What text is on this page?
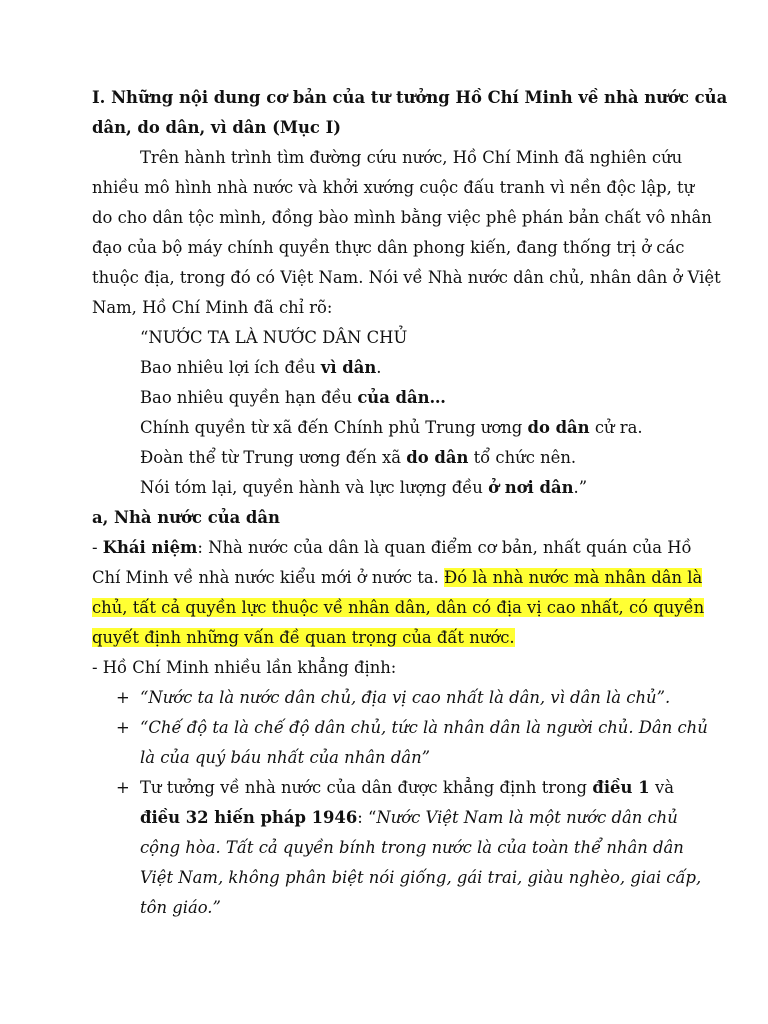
I. Những nội dung cơ bản của tư tưởng Hồ Chí Minh về nhà nước của
dân, do dân, vì dân (Mục I)
Trên hành trình tìm đường cứu nước, Hồ Chí Minh đã nghiên cứu
nhiều mô hình nhà nước và khởi xướng cuộc đấu tranh vì nền độc lập, tự
do cho dân tộc mình, đồng bào mình bằng việc phê phán bản chất vô nhân
đạo của bộ máy chính quyền thực dân phong kiến, đang thống trị ở các
thuộc địa, trong đó có Việt Nam. Nói về Nhà nước dân chủ, nhân dân ở Việt
Nam, Hồ Chí Minh đã chỉ rõ:
“NƯỚC TA LÀ NƯỚC DÂN CHỦ
Bao nhiêu lợi ích đều vì dân.
Bao nhiêu quyền hạn đều của dân…
Chính quyền từ xã đến Chính phủ Trung ương do dân cử ra.
Đoàn thể từ Trung ương đến xã do dân tổ chức nên.
Nói tóm lại, quyền hành và lực lượng đều ở nơi dân.”
a, Nhà nước của dân
- Khái niệm: Nhà nước của dân là quan điểm cơ bản, nhất quán của Hồ
Chí Minh về nhà nước kiểu mới ở nước ta. Đó là nhà nước mà nhân dân là
chủ, tất cả quyền lực thuộc về nhân dân, dân có địa vị cao nhất, có quyền
quyết định những vấn đề quan trọng của đất nước.
- Hồ Chí Minh nhiều lần khẳng định:
+ “Nước ta là nước dân chủ, địa vị cao nhất là dân, vì dân là chủ”.
+ “Chế độ ta là chế độ dân chủ, tức là nhân dân là người chủ. Dân chủ
là của quý báu nhất của nhân dân”
+ Tư tưởng về nhà nước của dân được khẳng định trong điều 1 và
điều 32 hiến pháp 1946: “Nước Việt Nam là một nước dân chủ
cộng hòa. Tất cả quyền bính trong nước là của toàn thể nhân dân
Việt Nam, không phân biệt nói giống, gái trai, giàu nghèo, giai cấp,
tôn giáo.”
